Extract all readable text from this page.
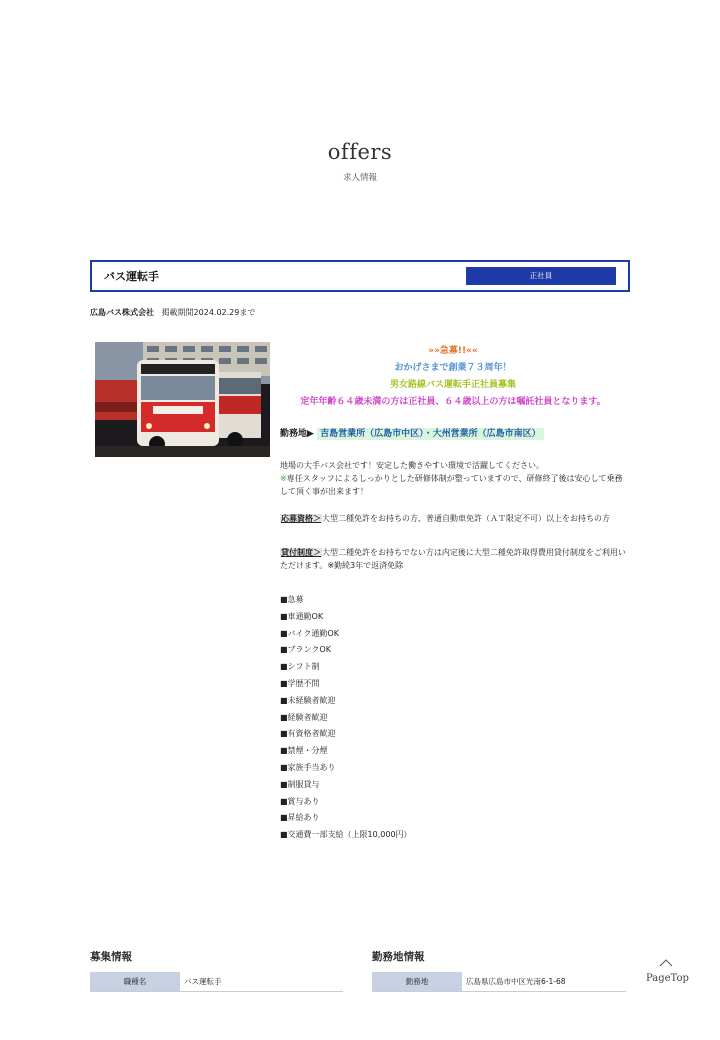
offers
求人情報
バス運転手	正社員
広島バス株式会社 掲載期間2024.02.29まで
»»急募!!««
おかげさまで創業７３周年！
男女路線バス運転手正社員募集
定年年齢６４歳未満の方は正社員、６４歳以上の方は嘱託社員となります。
勤務地▶ 吉島営業所（広島市中区）・大州営業所（広島市南区）
地場の大手バス会社です！安定した働きやすい環境で活躍してください。
※専任スタッフによるしっかりとした研修体制が整っていますので、研修終了後は安心して乗務して頂く事が出来ます！
応募資格＞大型二種免許をお持ちの方、普通自動車免許（ＡＴ限定不可）以上をお持ちの方
貸付制度＞大型二種免許をお持ちでない方は内定後に大型二種免許取得費用貸付制度をご利用いただけます。※勤続3年で返済免除
■急募
■車通勤OK
■バイク通勤OK
■ブランクOK
■シフト制
■学歴不問
■未経験者歓迎
■経験者歓迎
■有資格者歓迎
■禁煙・分煙
■家族手当あり
■制服貸与
■賞与あり
■昇給あり
■交通費一部支給（上限10,000円）
募集情報
職種名	バス運転手
勤務地情報
勤務地	広島県広島市中区光南6-1-68	PageTop
